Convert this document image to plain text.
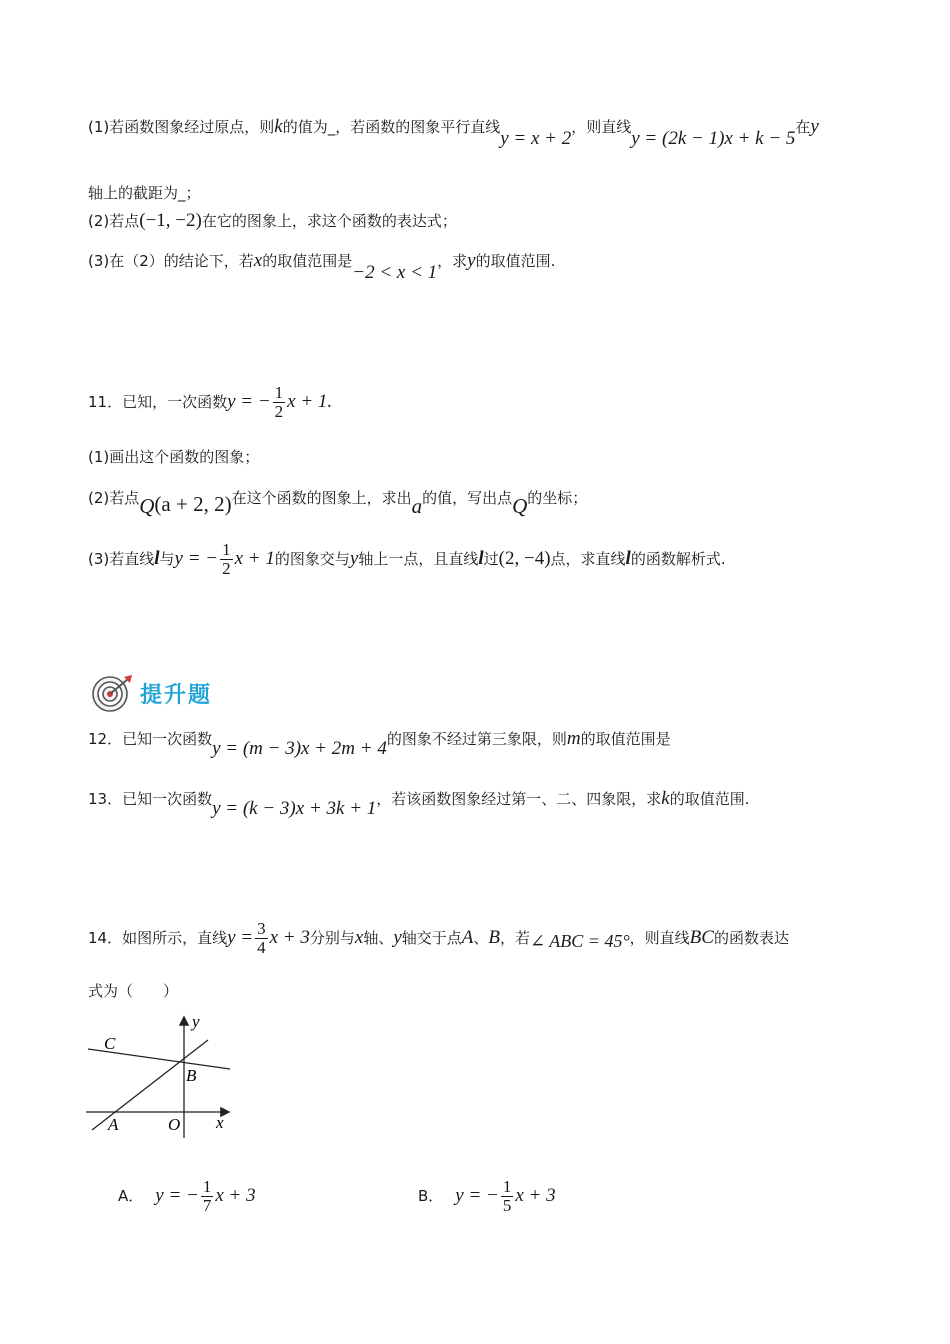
(1)若函数图象经过原点，则k的值为_，若函数的图象平行直线y = x + 2，则直线y = (2k − 1)x + k − 5在y
轴上的截距为_；
(2)若点(−1, −2)在它的图象上，求这个函数的表达式；
(3)在（2）的结论下，若x的取值范围是−2 < x < 1，求y的取值范围.
11．已知，一次函数y = − $\frac{1}{2}$ x + 1.
(1)画出这个函数的图象；
(2)若点Q(a + 2, 2)在这个函数的图象上，求出a的值，写出点Q的坐标；
(3)若直线l与y = − $\frac{1}{2}$ x + 1的图象交与y轴上一点，且直线l过(2, −4)点，求直线l的函数解析式.
提升题
12．已知一次函数y = (m − 3)x + 2m + 4的图象不经过第三象限，则m的取值范围是
13．已知一次函数y = (k − 3)x + 3k + 1，若该函数图象经过第一、二、四象限，求k的取值范围.
14．如图所示，直线$y = \frac{3}{4}$ x + 3分别与x轴、y轴交于点A、B，若∠ ABC = 45°，则直线BC的函数表达
式为（　　）
C
B
A	O x
y
A． y = − $\frac{1}{7}$ x + 3	B． y = − $\frac{1}{5}$ x + 3
